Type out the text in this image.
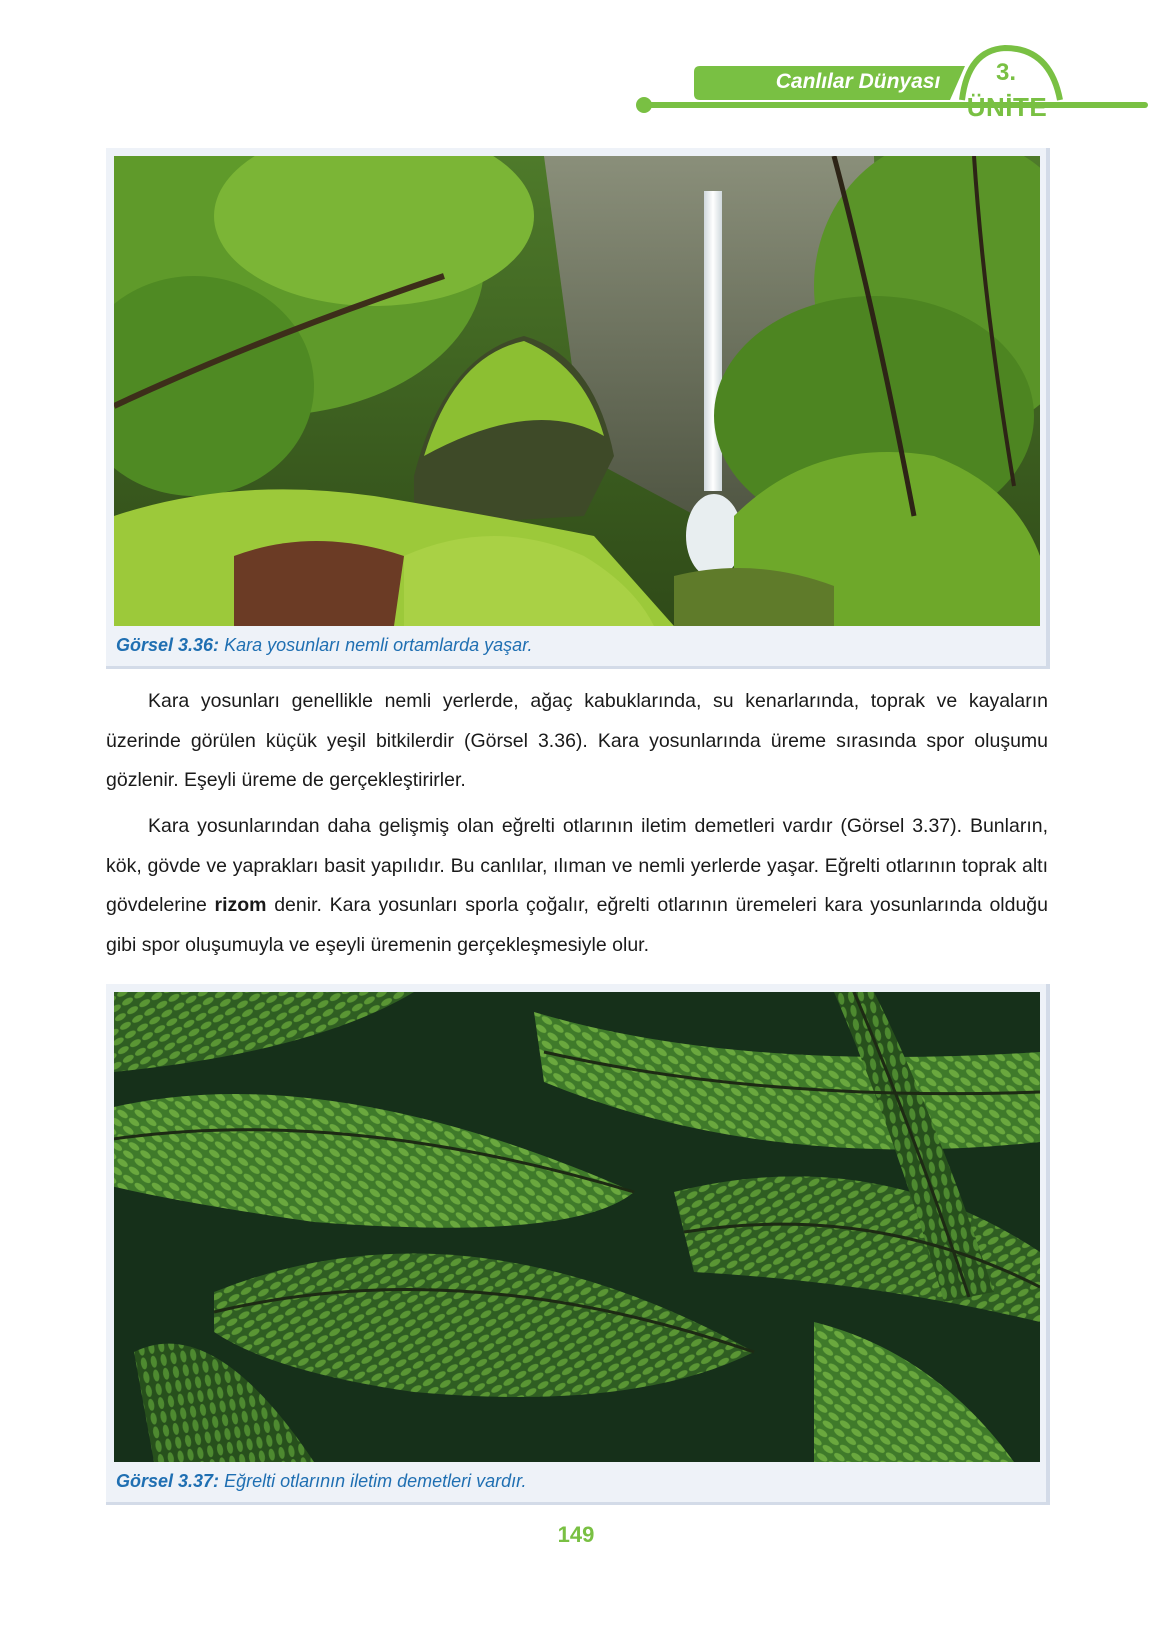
Canlılar Dünyası	3.
ÜNİTE
Görsel 3.36: Kara yosunları nemli ortamlarda yaşar.
Kara yosunları genellikle nemli yerlerde, ağaç kabuklarında, su kenarlarında, toprak ve kayaların üzerinde görülen küçük yeşil bitkilerdir (Görsel 3.36). Kara yosunlarında üreme sırasında spor oluşumu gözlenir. Eşeyli üreme de gerçekleştirirler.
Kara yosunlarından daha gelişmiş olan eğrelti otlarının iletim demetleri vardır (Görsel 3.37). Bunların, kök, gövde ve yaprakları basit yapılıdır. Bu canlılar, ılıman ve nemli yerlerde yaşar. Eğrelti otlarının toprak altı gövdelerine rizom denir. Kara yosunları sporla çoğalır, eğrelti otlarının üremeleri kara yosunlarında olduğu gibi spor oluşumuyla ve eşeyli üremenin gerçekleşmesiyle olur.
Görsel 3.37: Eğrelti otlarının iletim demetleri vardır.
149
